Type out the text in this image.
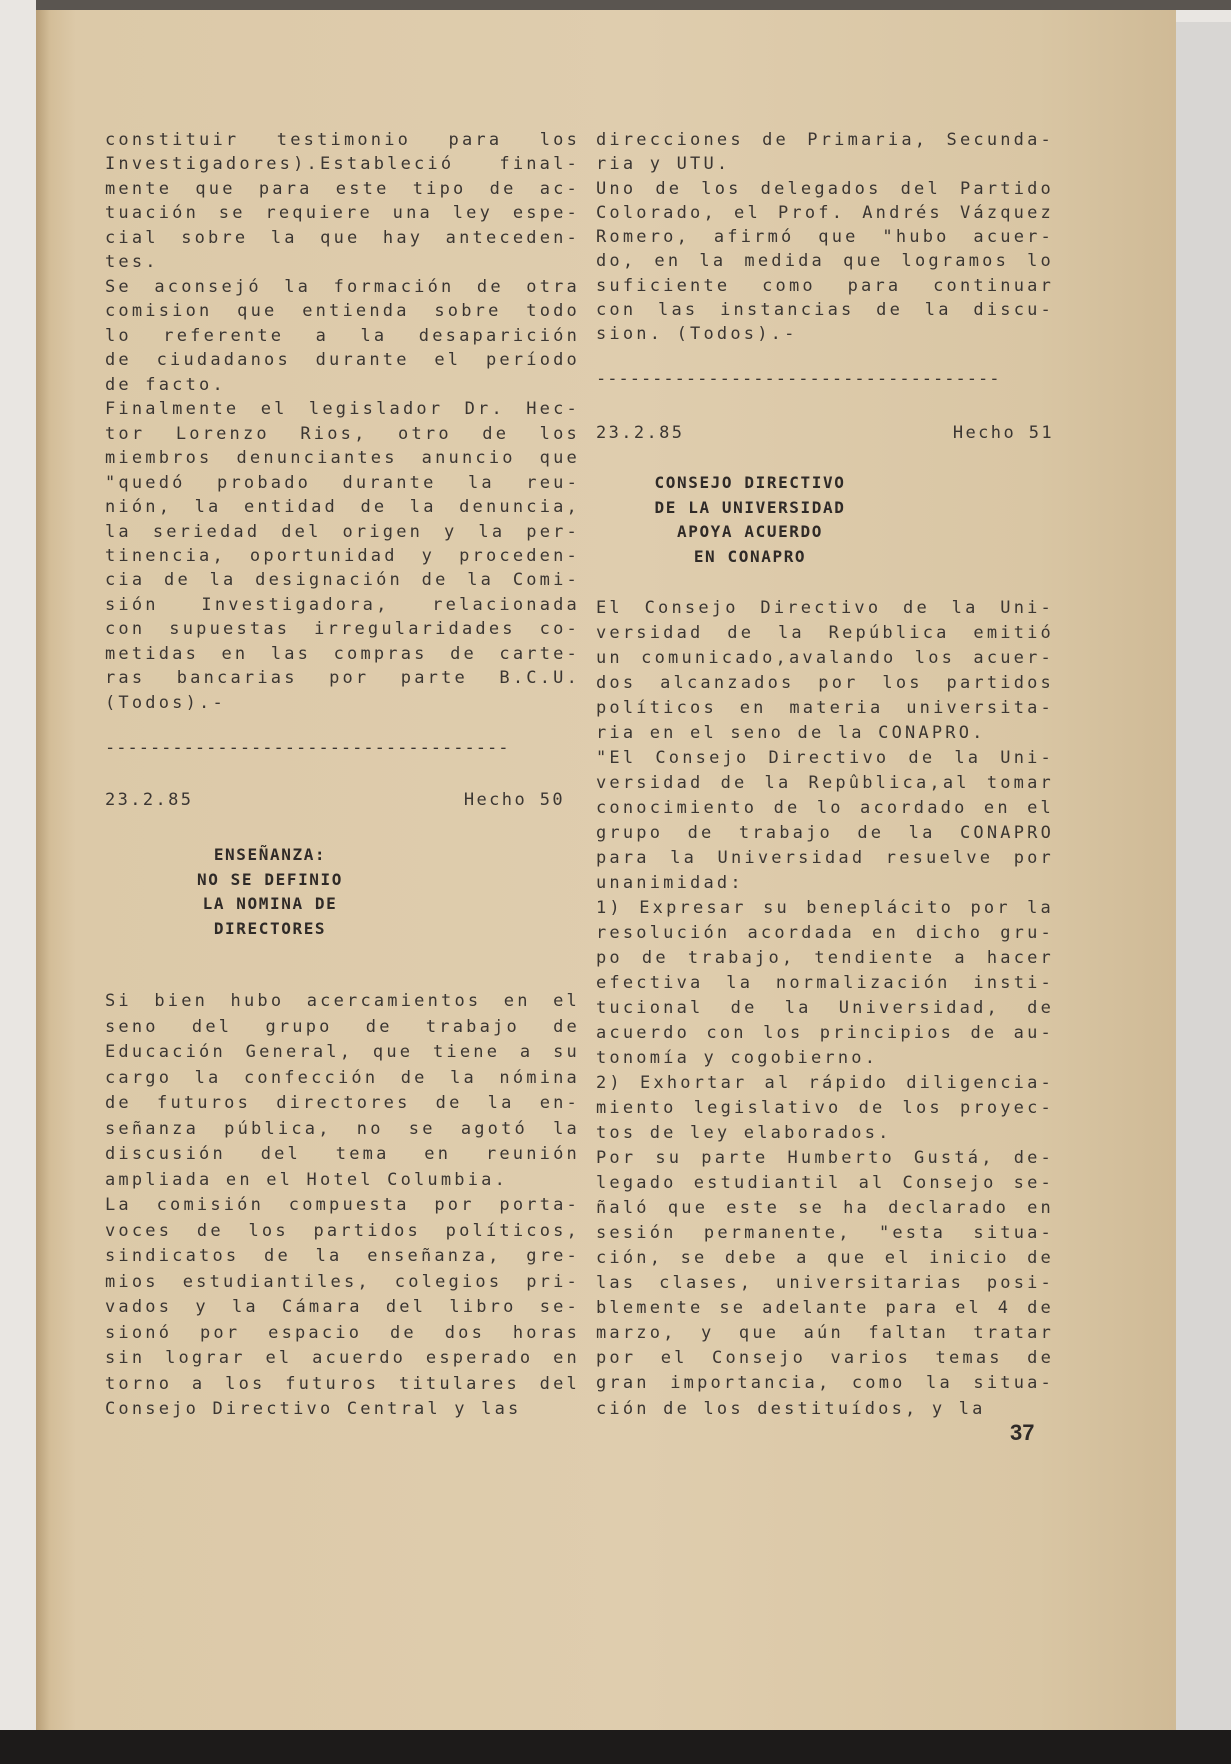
constituir testimonio para los
Investigadores).Estableció final-
mente que para este tipo de ac-
tuación se requiere una ley espe-
cial sobre la que hay anteceden-
tes.
Se aconsejó la formación de otra
comision que entienda sobre todo
lo referente a la desaparición
de ciudadanos durante el período
de facto.
Finalmente el legislador Dr. Hec-
tor Lorenzo Rios, otro de los
miembros denunciantes anuncio que
"quedó probado durante la reu-
nión, la entidad de la denuncia,
la seriedad del origen y la per-
tinencia, oportunidad y proceden-
cia de la designación de la Comi-
sión Investigadora, relacionada
con supuestas irregularidades co-
metidas en las compras de carte-
ras bancarias por parte B.C.U.
(Todos).-
------------------------------------
23.2.85	Hecho 50
ENSEÑANZA:
NO SE DEFINIO
LA NOMINA DE
DIRECTORES
Si bien hubo acercamientos en el
seno del grupo de trabajo de
Educación General, que tiene a su
cargo la confección de la nómina
de futuros directores de la en-
señanza pública, no se agotó la
discusión del tema en reunión
ampliada en el Hotel Columbia.
La comisión compuesta por porta-
voces de los partidos políticos,
sindicatos de la enseñanza, gre-
mios estudiantiles, colegios pri-
vados y la Cámara del libro se-
sionó por espacio de dos horas
sin lograr el acuerdo esperado en
torno a los futuros titulares del
Consejo Directivo Central y las
direcciones de Primaria, Secunda-
ria y UTU.
Uno de los delegados del Partido
Colorado, el Prof. Andrés Vázquez
Romero, afirmó que "hubo acuer-
do, en la medida que logramos lo
suficiente como para continuar
con las instancias de la discu-
sion. (Todos).-
------------------------------------
23.2.85	Hecho 51
CONSEJO DIRECTIVO
DE LA UNIVERSIDAD
APOYA ACUERDO
EN CONAPRO
El Consejo Directivo de la Uni-
versidad de la República emitió
un comunicado,avalando los acuer-
dos alcanzados por los partidos
políticos en materia universita-
ria en el seno de la CONAPRO.
"El Consejo Directivo de la Uni-
versidad de la Repûblica,al tomar
conocimiento de lo acordado en el
grupo de trabajo de la CONAPRO
para la Universidad resuelve por
unanimidad:
1) Expresar su beneplácito por la
resolución acordada en dicho gru-
po de trabajo, tendiente a hacer
efectiva la normalización insti-
tucional de la Universidad, de
acuerdo con los principios de au-
tonomía y cogobierno.
2) Exhortar al rápido diligencia-
miento legislativo de los proyec-
tos de ley elaborados.
Por su parte Humberto Gustá, de-
legado estudiantil al Consejo se-
ñaló que este se ha declarado en
sesión permanente, "esta situa-
ción, se debe a que el inicio de
las clases, universitarias posi-
blemente se adelante para el 4 de
marzo, y que aún faltan tratar
por el Consejo varios temas de
gran importancia, como la situa-
ción de los destituídos, y la
37
